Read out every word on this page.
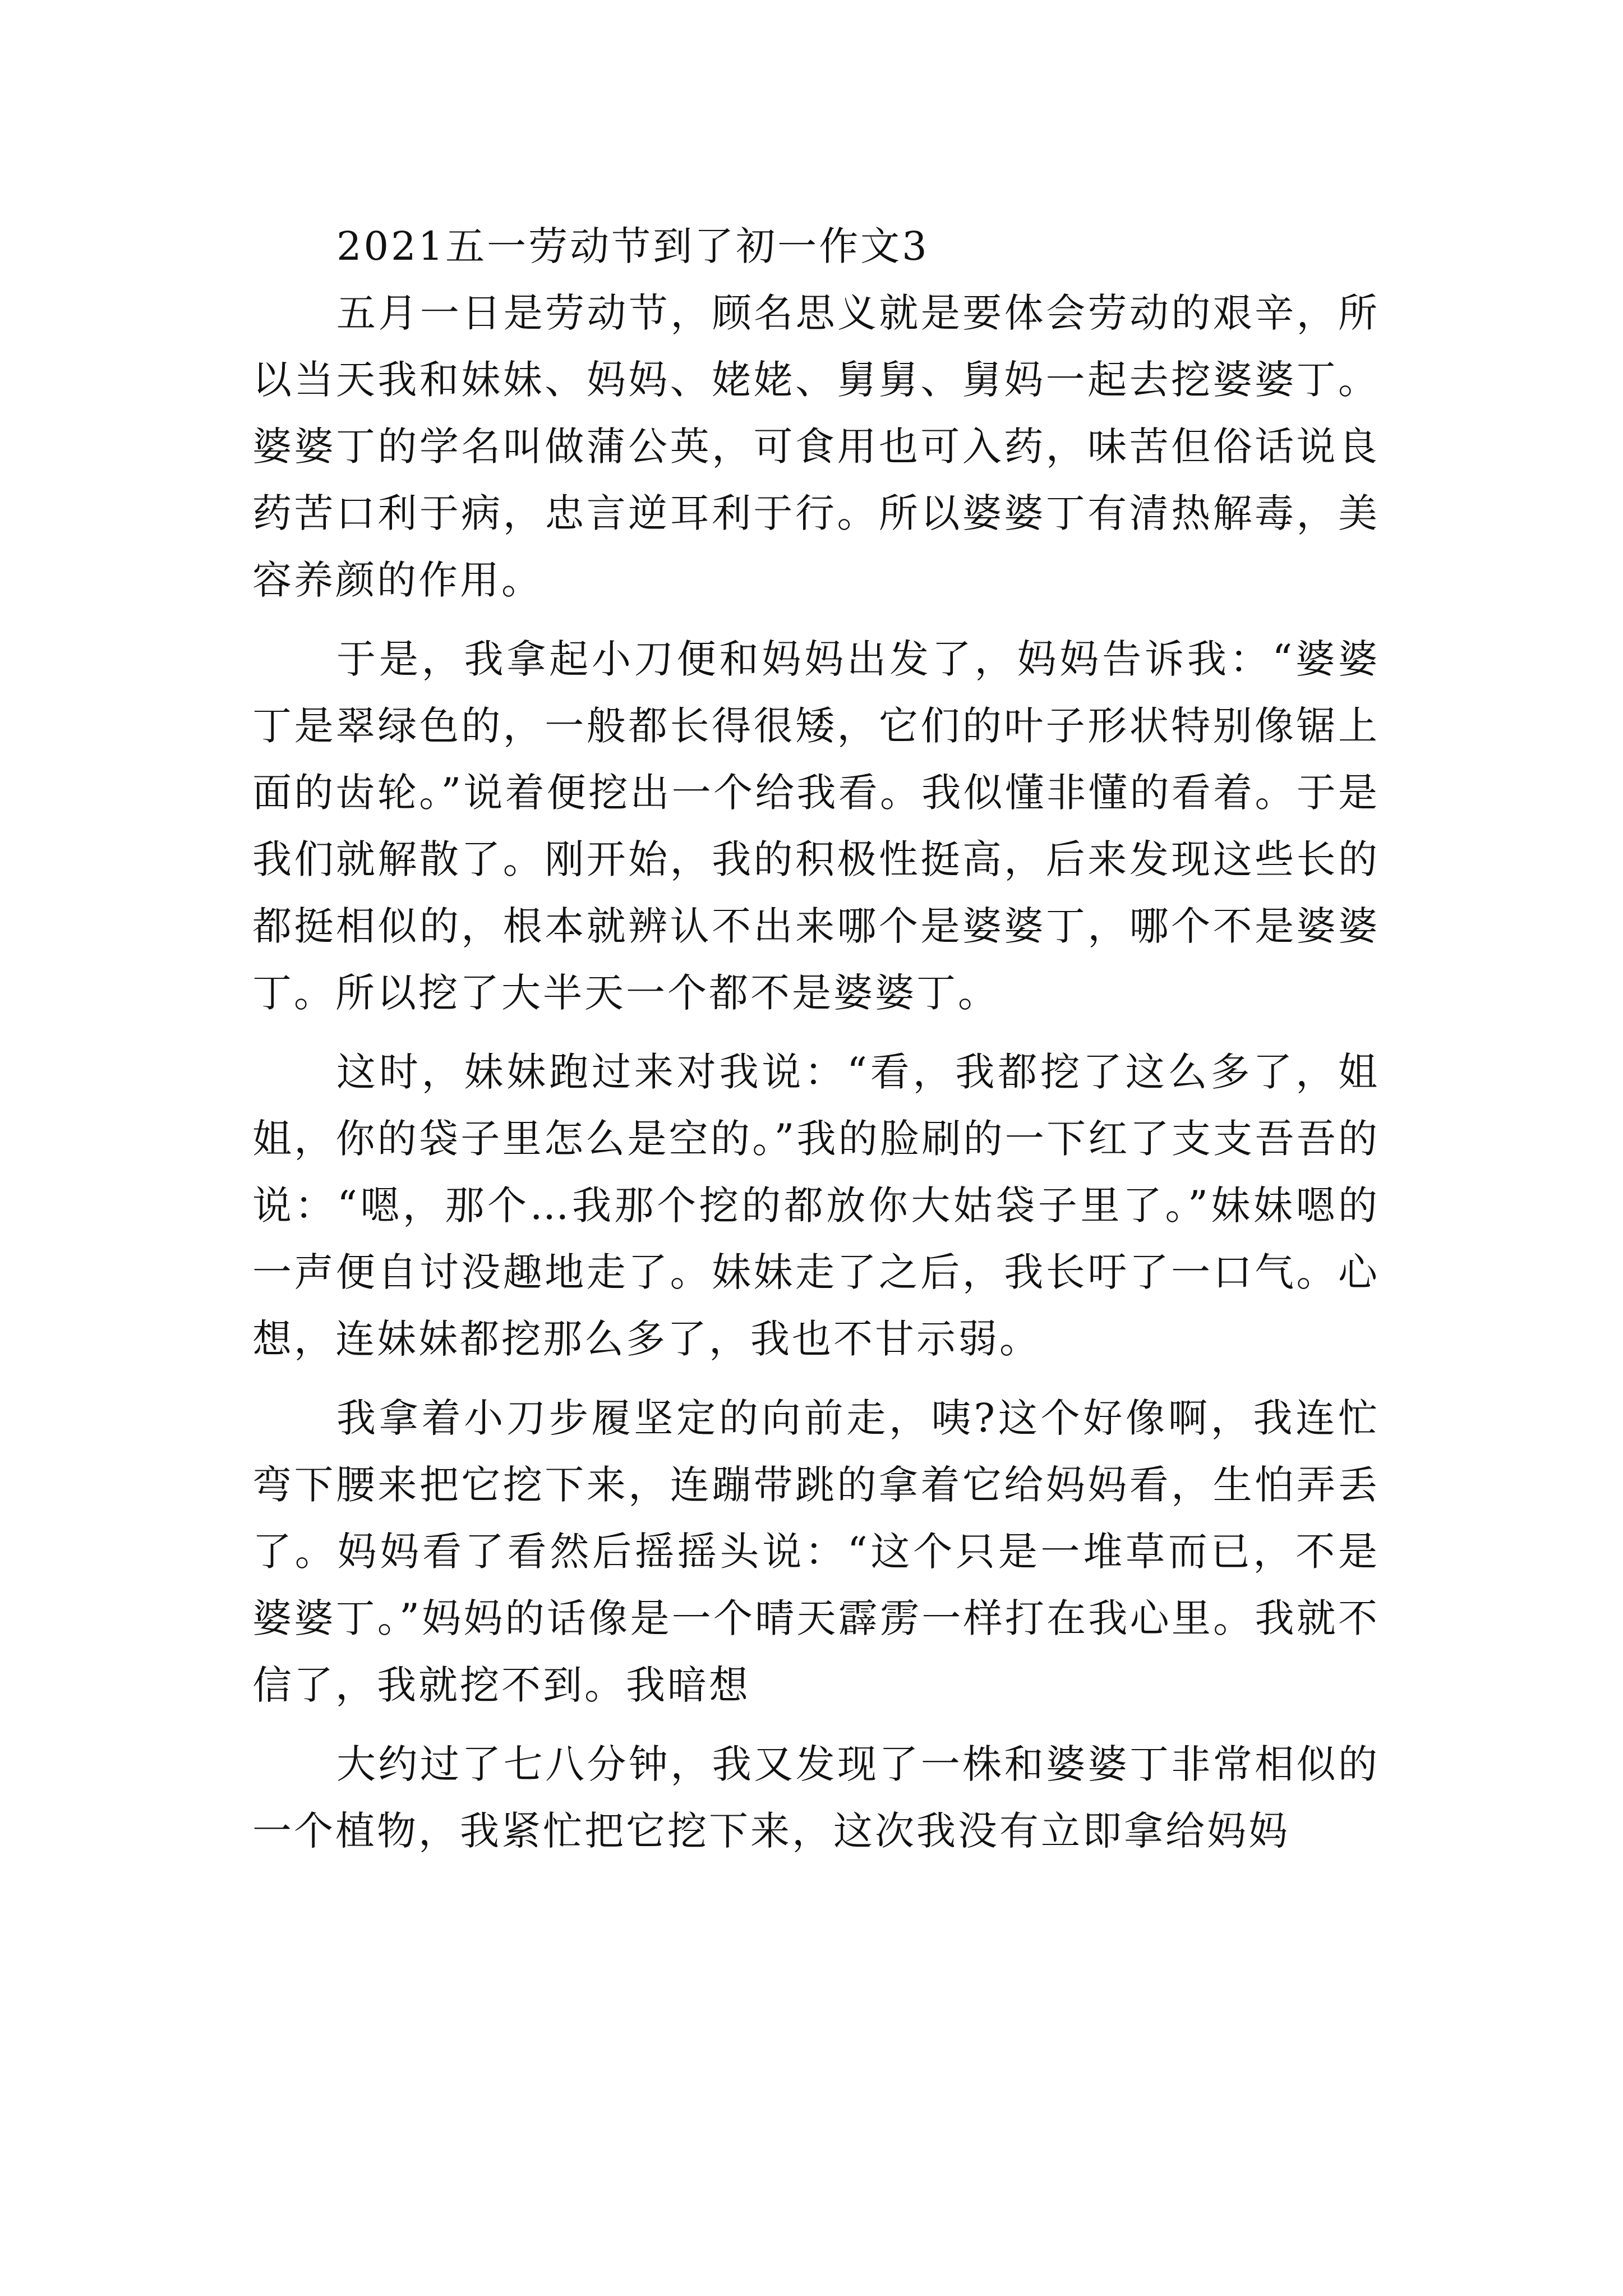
2021五一劳动节到了初一作文3

五月一日是劳动节，顾名思义就是要体会劳动的艰辛，所以当天我和妹妹、妈妈、姥姥、舅舅、舅妈一起去挖婆婆丁。婆婆丁的学名叫做蒲公英，可食用也可入药，味苦但俗话说良药苦口利于病，忠言逆耳利于行。所以婆婆丁有清热解毒，美容养颜的作用。

于是，我拿起小刀便和妈妈出发了，妈妈告诉我：“婆婆丁是翠绿色的，一般都长得很矮，它们的叶子形状特别像锯上面的齿轮。”说着便挖出一个给我看。我似懂非懂的看着。于是我们就解散了。刚开始，我的积极性挺高，后来发现这些长的都挺相似的，根本就辨认不出来哪个是婆婆丁，哪个不是婆婆丁。所以挖了大半天一个都不是婆婆丁。

这时，妹妹跑过来对我说：“看，我都挖了这么多了，姐姐，你的袋子里怎么是空的。”我的脸刷的一下红了支支吾吾的说：“嗯，那个…我那个挖的都放你大姑袋子里了。”妹妹嗯的一声便自讨没趣地走了。妹妹走了之后，我长吁了一口气。心想，连妹妹都挖那么多了，我也不甘示弱。

我拿着小刀步履坚定的向前走，咦?这个好像啊，我连忙弯下腰来把它挖下来，连蹦带跳的拿着它给妈妈看，生怕弄丢了。妈妈看了看然后摇摇头说：“这个只是一堆草而已，不是婆婆丁。”妈妈的话像是一个晴天霹雳一样打在我心里。我就不信了，我就挖不到。我暗想

大约过了七八分钟，我又发现了一株和婆婆丁非常相似的一个植物，我紧忙把它挖下来，这次我没有立即拿给妈妈
